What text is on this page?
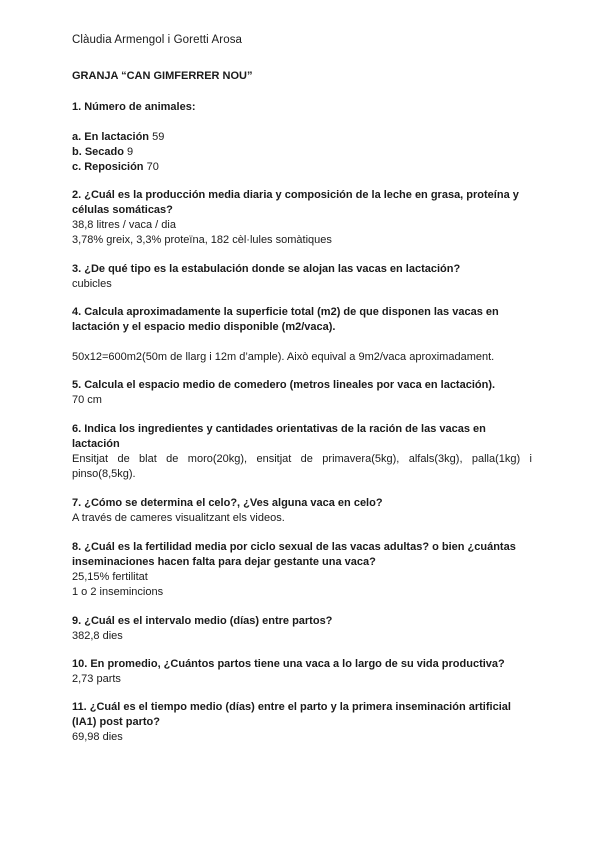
Clàudia Armengol i Goretti Arosa
GRANJA “CAN GIMFERRER NOU”
1. Número de animales:
a. En lactación 59
b. Secado 9
c. Reposición 70
2. ¿Cuál es la producción media diaria y composición de la leche en grasa, proteína y células somáticas?
38,8 litres / vaca / dia
3,78% greix, 3,3% proteïna, 182 cèl·lules somàtiques
3. ¿De qué tipo es la estabulación donde se alojan las vacas en lactación?
cubicles
4. Calcula aproximadamente la superficie total (m2) de que disponen las vacas en lactación y el espacio medio disponible (m2/vaca).
50x12=600m2(50m de llarg i 12m d’ample). Això equival a 9m2/vaca aproximadament.
5. Calcula el espacio medio de comedero (metros lineales por vaca en lactación).
70 cm
6. Indica los ingredientes y cantidades orientativas de la ración de las vacas en lactación
Ensitjat de blat de moro(20kg), ensitjat de primavera(5kg), alfals(3kg), palla(1kg) i pinso(8,5kg).
7. ¿Cómo se determina el celo?, ¿Ves alguna vaca en celo?
A través de cameres visualitzant els videos.
8. ¿Cuál es la fertilidad media por ciclo sexual de las vacas adultas? o bien ¿cuántas inseminaciones hacen falta para dejar gestante una vaca?
25,15% fertilitat
1 o 2 insemincions
9. ¿Cuál es el intervalo medio (días) entre partos?
382,8 dies
10. En promedio, ¿Cuántos partos tiene una vaca a lo largo de su vida productiva?
2,73 parts
11. ¿Cuál es el tiempo medio (días) entre el parto y la primera inseminación artificial (IA1) post parto?
69,98 dies
